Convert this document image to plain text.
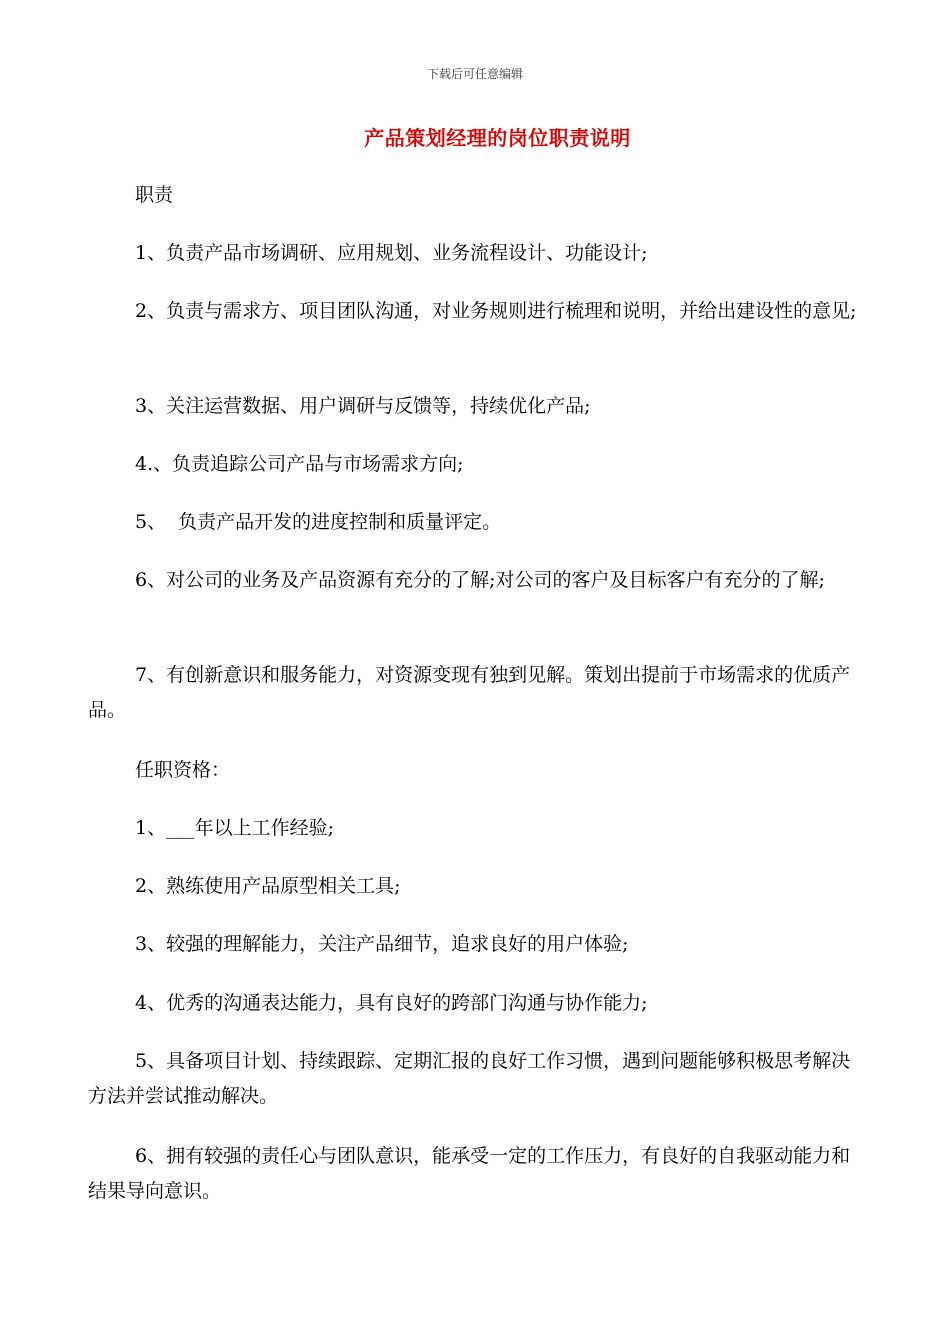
下载后可任意编辑
产品策划经理的岗位职责说明
职责
1、负责产品市场调研、应用规划、业务流程设计、功能设计;
2、负责与需求方、项目团队沟通，对业务规则进行梳理和说明，并给出建设性的意见;
3、关注运营数据、用户调研与反馈等，持续优化产品;
4.、负责追踪公司产品与市场需求方向;
5、  负责产品开发的进度控制和质量评定。
6、对公司的业务及产品资源有充分的了解;对公司的客户及目标客户有充分的了解;
7、有创新意识和服务能力，对资源变现有独到见解。策划出提前于市场需求的优质产品。
任职资格：
1、___年以上工作经验;
2、熟练使用产品原型相关工具;
3、较强的理解能力，关注产品细节，追求良好的用户体验;
4、优秀的沟通表达能力，具有良好的跨部门沟通与协作能力;
5、具备项目计划、持续跟踪、定期汇报的良好工作习惯，遇到问题能够积极思考解决方法并尝试推动解决。
6、拥有较强的责任心与团队意识，能承受一定的工作压力，有良好的自我驱动能力和结果导向意识。
